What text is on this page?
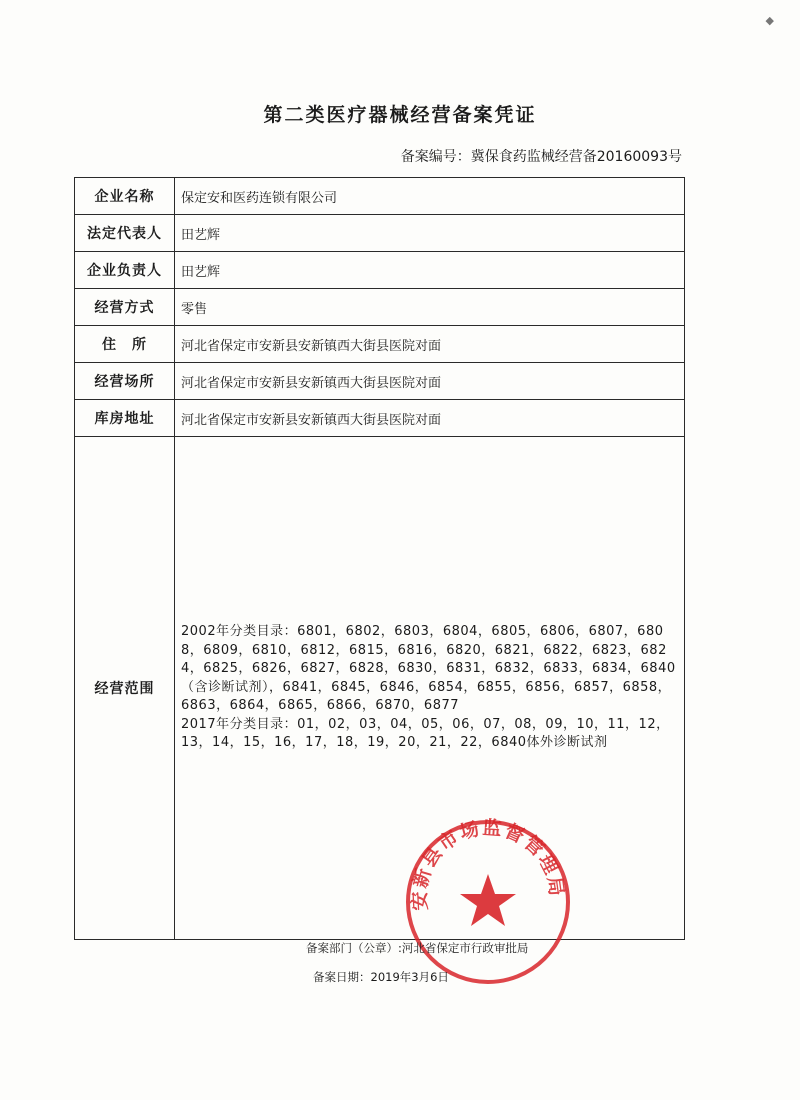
◆
第二类医疗器械经营备案凭证
备案编号：冀保食药监械经营备20160093号
企业名称	保定安和医药连锁有限公司
法定代表人	田艺辉
企业负责人	田艺辉
经营方式	零售
住　所	河北省保定市安新县安新镇西大街县医院对面
经营场所	河北省保定市安新县安新镇西大街县医院对面
库房地址	河北省保定市安新县安新镇西大街县医院对面
经营范围	2002年分类目录：6801，6802，6803，6804，6805，6806，6807，6808，6809，6810，6812，6815，6816，6820，6821，6822，6823，6824，6825，6826，6827，6828，6830，6831，6832，6833，6834，6840（含诊断试剂），6841，6845，6846，6854，6855，6856，6857，6858，6863，6864，6865，6866，6870，6877
2017年分类目录：01，02，03，04，05，06，07，08，09，10，11，12，13，14，15，16，17，18，19，20，21，22，6840体外诊断试剂
安新县市场监督管理局
备案部门（公章）:河北省保定市行政审批局
备案日期：2019年3月6日
